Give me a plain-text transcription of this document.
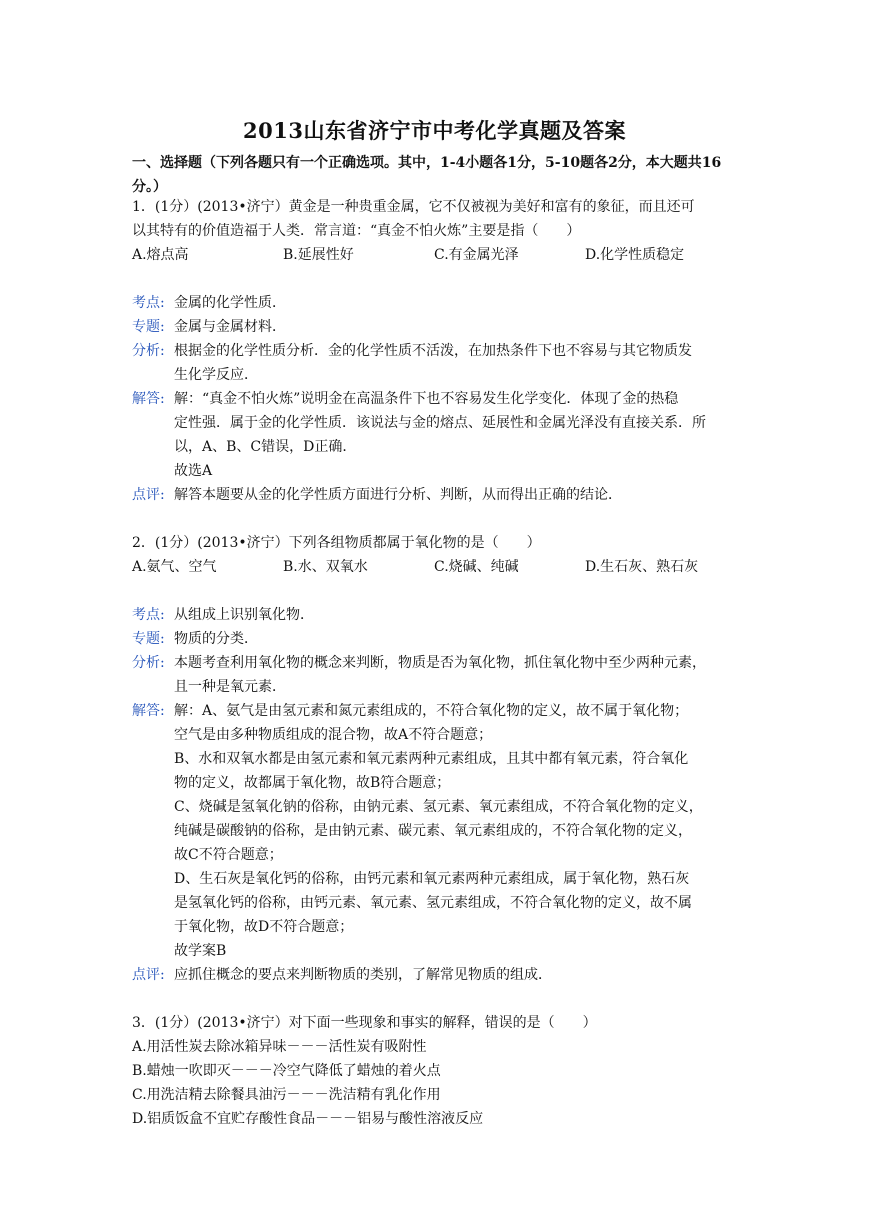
2013山东省济宁市中考化学真题及答案
一、选择题（下列各题只有一个正确选项。其中，1-4小题各1分，5-10题各2分，本大题共16分。）
1．(1分）(2013•济宁）黄金是一种贵重金属，它不仅被视为美好和富有的象征，而且还可
以其特有的价值造福于人类．常言道：“真金不怕火炼”主要是指（　　）
A.熔点高	B.延展性好	C.有金属光泽	D.化学性质稳定
考点: 金属的化学性质．
专题: 金属与金属材料．
分析: 根据金的化学性质分析．金的化学性质不活泼，在加热条件下也不容易与其它物质发
生化学反应．
解答: 解：“真金不怕火炼”说明金在高温条件下也不容易发生化学变化．体现了金的热稳
定性强．属于金的化学性质．该说法与金的熔点、延展性和金属光泽没有直接关系．所
以，A、B、C错误，D正确．
故选A
点评: 解答本题要从金的化学性质方面进行分析、判断，从而得出正确的结论．
2．(1分）(2013•济宁）下列各组物质都属于氧化物的是（　　）
A.氨气、空气	B.水、双氧水	C.烧碱、纯碱	D.生石灰、熟石灰
考点: 从组成上识别氧化物．
专题: 物质的分类．
分析: 本题考查利用氧化物的概念来判断，物质是否为氧化物，抓住氧化物中至少两种元素，
且一种是氧元素．
解答: 解：A、氨气是由氢元素和氮元素组成的，不符合氧化物的定义，故不属于氧化物；
空气是由多种物质组成的混合物，故A不符合题意；
B、水和双氧水都是由氢元素和氧元素两种元素组成，且其中都有氧元素，符合氧化
物的定义，故都属于氧化物，故B符合题意；
C、烧碱是氢氧化钠的俗称，由钠元素、氢元素、氧元素组成，不符合氧化物的定义，
纯碱是碳酸钠的俗称，是由钠元素、碳元素、氧元素组成的，不符合氧化物的定义，
故C不符合题意；
D、生石灰是氧化钙的俗称，由钙元素和氧元素两种元素组成，属于氧化物，熟石灰
是氢氧化钙的俗称，由钙元素、氧元素、氢元素组成，不符合氧化物的定义，故不属
于氧化物，故D不符合题意；
故学案B
点评: 应抓住概念的要点来判断物质的类别，了解常见物质的组成．
3．(1分）(2013•济宁）对下面一些现象和事实的解释，错误的是（　　）
A.用活性炭去除冰箱异味－－－活性炭有吸附性
B.蜡烛一吹即灭－－－冷空气降低了蜡烛的着火点
C.用洗洁精去除餐具油污－－－洗洁精有乳化作用
D.铝质饭盒不宜贮存酸性食品－－－铝易与酸性溶液反应
